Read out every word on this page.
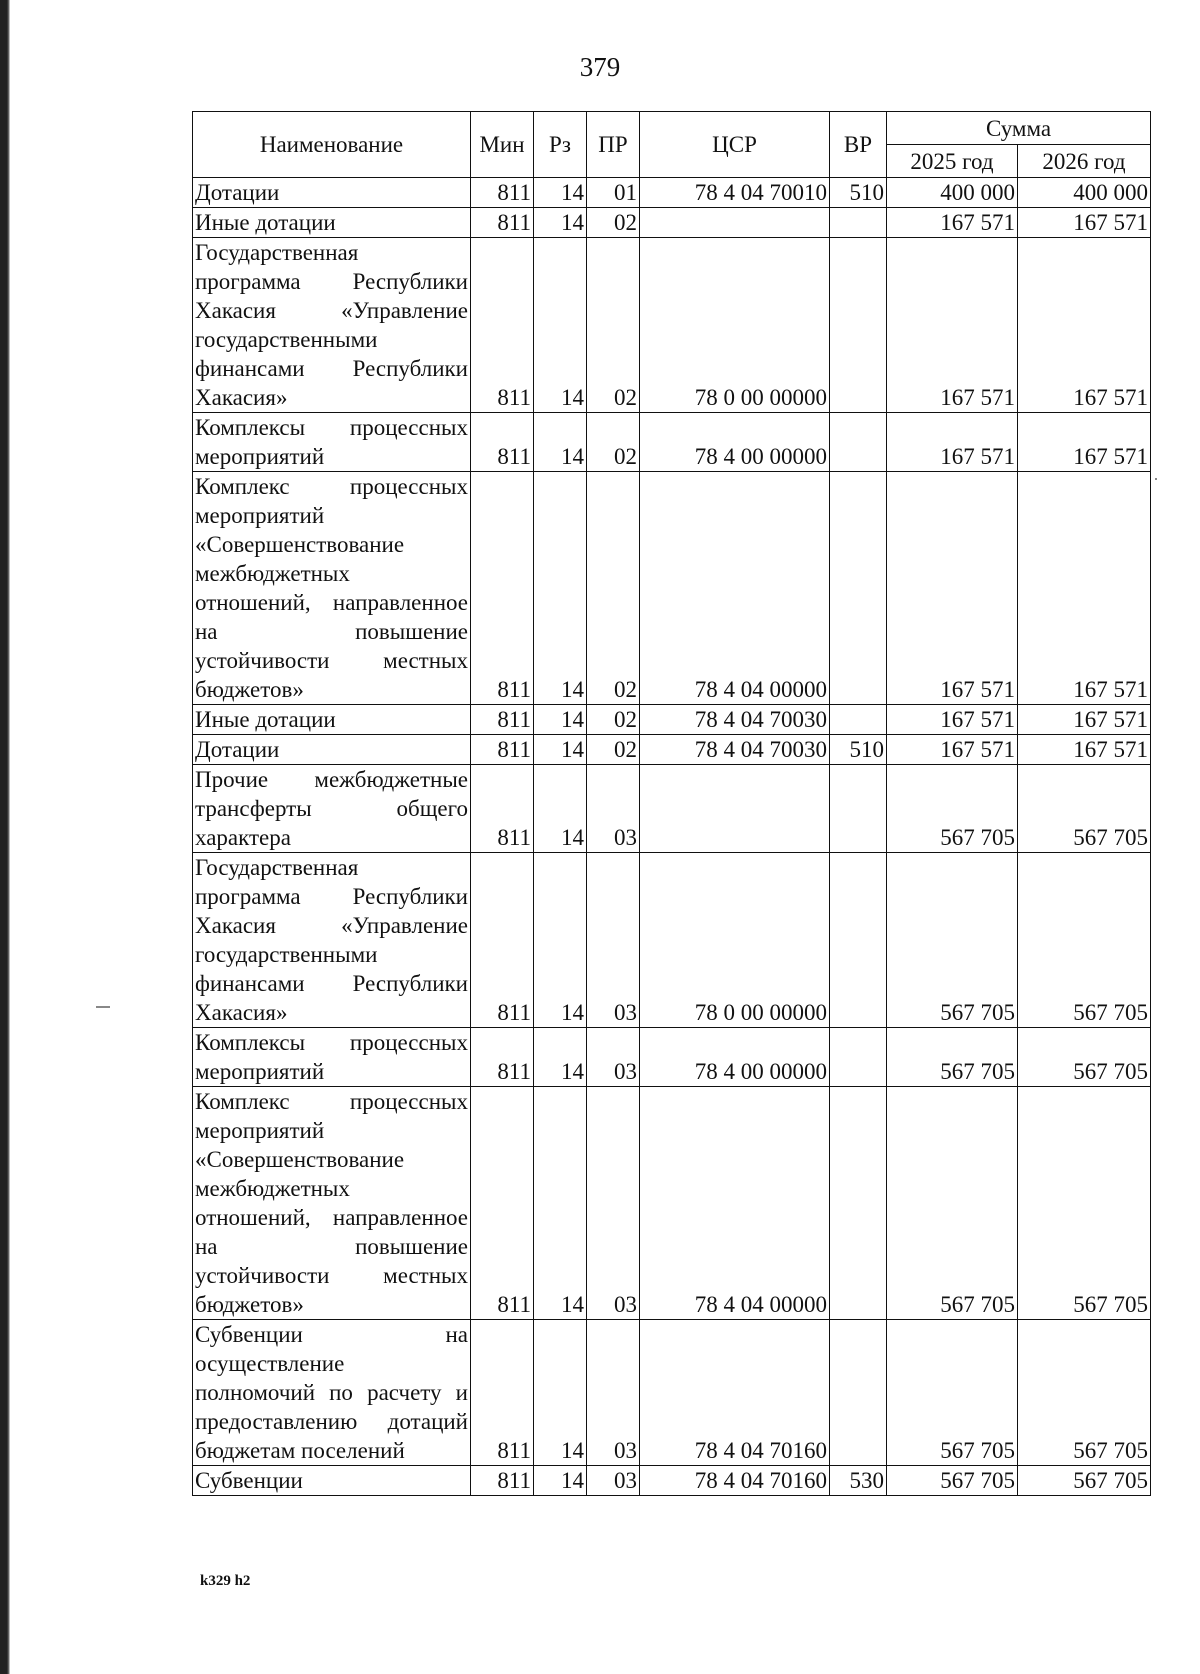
379
Наименование	Мин	Рз	ПР	ЦСР	ВР	Сумма	
						2025 год	2026 год
Дотации	811	14	01	78 4 04 70010	510	400 000	400 000
Иные дотации	811	14	02			167 571	167 571
Государственная программа Республики Хакасия «Управление государственными финансами Республики Хакасия»	811	14	02	78 0 00 00000		167 571	167 571
Комплексы процессных мероприятий	811	14	02	78 4 00 00000		167 571	167 571
Комплекс процессных мероприятий «Совершенствование межбюджетных отношений, направленное на повышение устойчивости местных бюджетов»	811	14	02	78 4 04 00000		167 571	167 571
Иные дотации	811	14	02	78 4 04 70030		167 571	167 571
Дотации	811	14	02	78 4 04 70030	510	167 571	167 571
Прочие межбюджетные трансферты общего характера	811	14	03			567 705	567 705
Государственная программа Республики Хакасия «Управление государственными финансами Республики Хакасия»	811	14	03	78 0 00 00000		567 705	567 705
Комплексы процессных мероприятий	811	14	03	78 4 00 00000		567 705	567 705
Комплекс процессных мероприятий «Совершенствование межбюджетных отношений, направленное на повышение устойчивости местных бюджетов»	811	14	03	78 4 04 00000		567 705	567 705
Субвенции на осуществление полномочий по расчету и предоставлению дотаций бюджетам поселений	811	14	03	78 4 04 70160		567 705	567 705
Субвенции	811	14	03	78 4 04 70160	530	567 705	567 705
k329 h2
